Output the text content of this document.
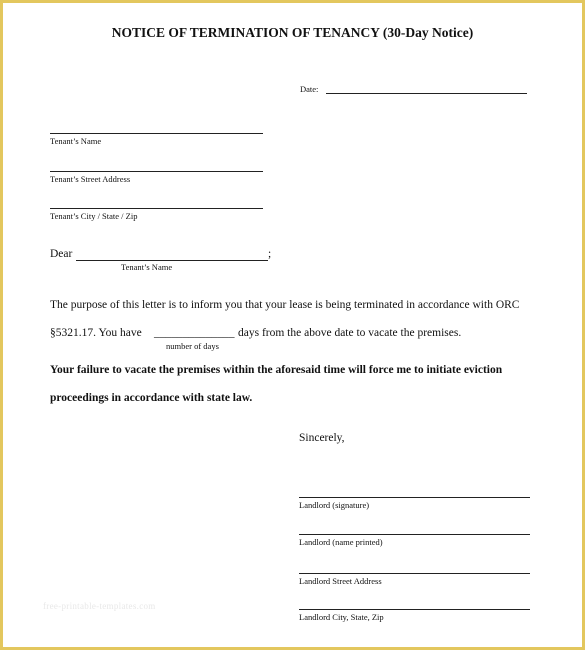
NOTICE OF TERMINATION OF TENANCY (30-Day Notice)
Date:
Tenant’s Name
Tenant’s Street Address
Tenant’s City / State / Zip
Dear	;
Tenant’s Name
The purpose of this letter is to inform you that your lease is being terminated in accordance with ORC
§5321.17. You have ______________ days from the above date to vacate the premises.
number of days
Your failure to vacate the premises within the aforesaid time will force me to initiate eviction
proceedings in accordance with state law.
Sincerely,
Landlord (signature)
Landlord (name printed)
Landlord Street Address
Landlord City, State, Zip
free-printable-templates.com
